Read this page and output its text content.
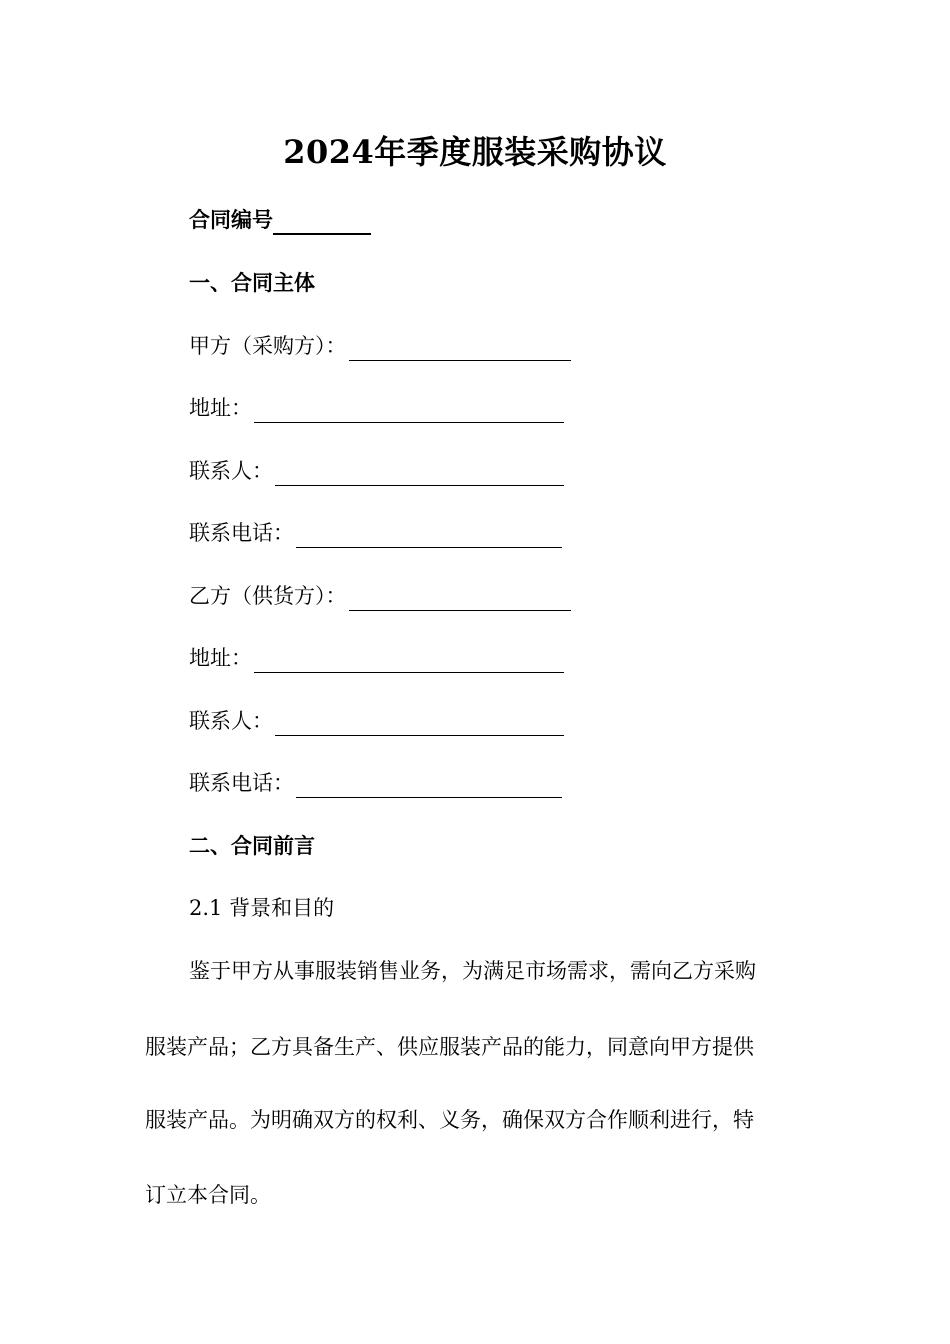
2024年季度服装采购协议
合同编号
一、合同主体
甲方（采购方）：
地址：
联系人：
联系电话：
乙方（供货方）：
地址：
联系人：
联系电话：
二、合同前言
2.1 背景和目的
鉴于甲方从事服装销售业务，为满足市场需求，需向乙方采购
服装产品；乙方具备生产、供应服装产品的能力，同意向甲方提供
服装产品。为明确双方的权利、义务，确保双方合作顺利进行，特
订立本合同。
